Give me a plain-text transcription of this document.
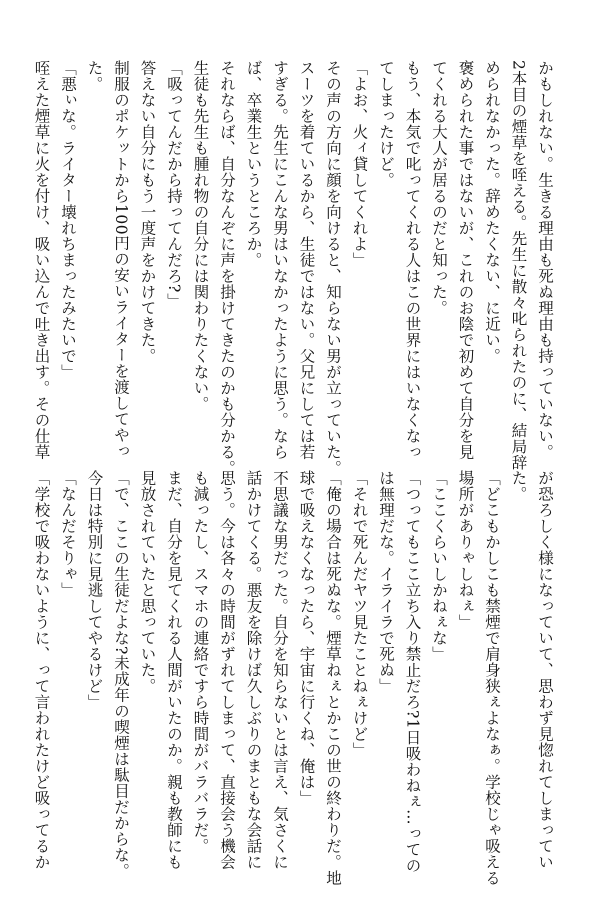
かもしれない。生きる理由も死ぬ理由も持っていない。
2本目の煙草を咥える。先生に散々叱られたのに、結局辞
められなかった。辞めたくない、に近い。
褒められた事ではないが、これのお陰で初めて自分を見
てくれる大人が居るのだと知った。
もう、本気で叱ってくれる人はこの世界にはいなくなっ
てしまったけど。
「よお、火ィ貸してくれよ」
その声の方向に顔を向けると、知らない男が立っていた。
スーツを着ているから、生徒ではない。父兄にしては若
すぎる。先生にこんな男はいなかったように思う。なら
ば、卒業生というところか。
それならば、自分なんぞに声を掛けてきたのかも分かる。
生徒も先生も腫れ物の自分には関わりたくない。
「吸ってんだから持ってんだろ?」
答えない自分にもう一度声をかけてきた。
制服のポケットから100円の安いライターを渡してやっ
た。
「悪ぃな。ライター壊れちまったみたいで」
咥えた煙草に火を付け、吸い込んで吐き出す。その仕草
が恐ろしく様になっていて、思わず見惚れてしまってい
た。
「どこもかしこも禁煙で肩身狭ぇよなぁ。学校じゃ吸える
場所がありゃしねぇ」
「ここくらいしかねぇな」
「つってもここ立ち入り禁止だろ?1日吸わねぇ…っての
は無理だな。イライラで死ぬ」
「それで死んだヤツ見たことねぇけど」
「俺の場合は死ぬな。煙草ねぇとかこの世の終わりだ。地
球で吸えなくなったら、宇宙に行くね、俺は」
不思議な男だった。自分を知らないとは言え、気さくに
話かけてくる。悪友を除けば久しぶりのまともな会話に
思う。今は各々の時間がずれてしまって、直接会う機会
も減ったし、スマホの連絡ですら時間がバラバラだ。
まだ、自分を見てくれる人間がいたのか。親も教師にも
見放されていたと思っていた。
「で、ここの生徒だよな?未成年の喫煙は駄目だからな。
今日は特別に見逃してやるけど」
「なんだそりゃ」
「学校で吸わないように、って言われたけど吸ってるか
